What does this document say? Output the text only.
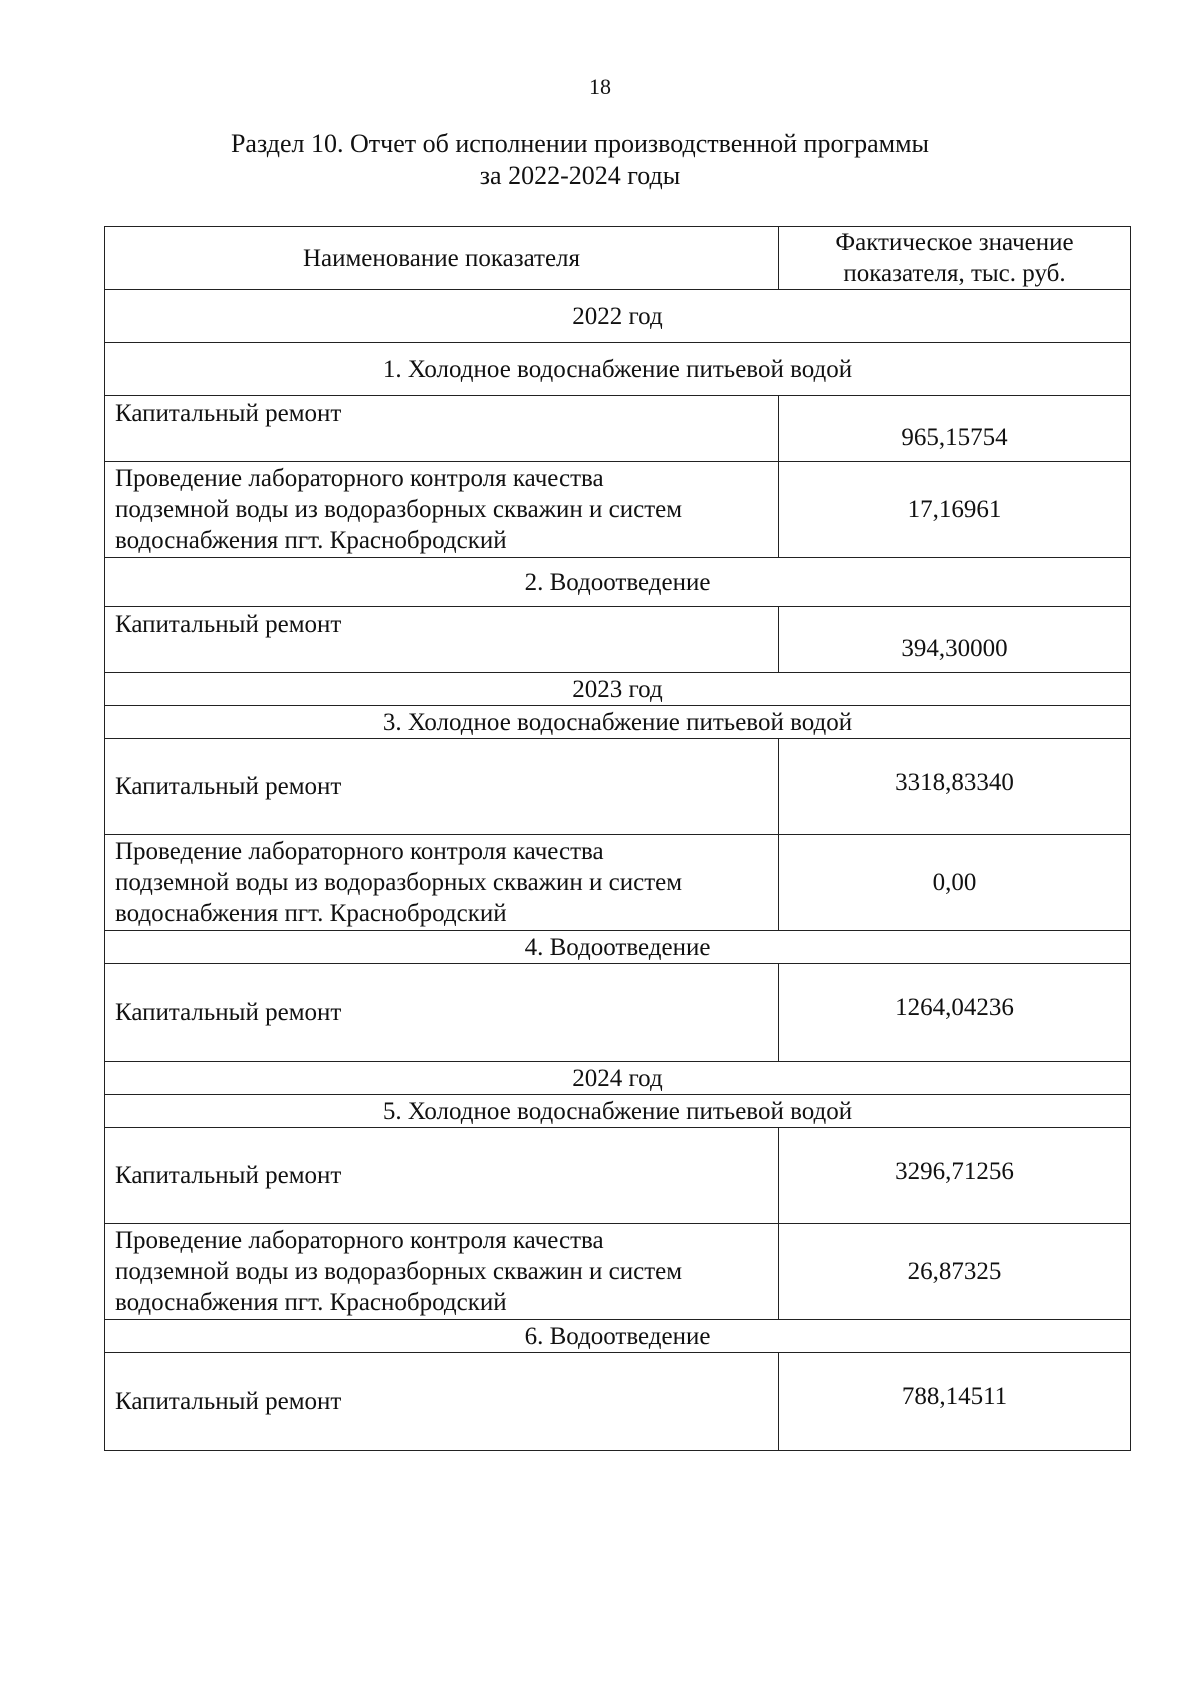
18
Раздел 10. Отчет об исполнении производственной программы
за 2022-2024 годы
Наименование показателя	Фактическое значение
показателя, тыс. руб.

2022 год	
1. Холодное водоснабжение питьевой водой	
Капитальный ремонт	965,15754

Проведение лабораторного контроля качества
подземной воды из водоразборных скважин и систем
водоснабжения пгт. Краснобродский	17,16961
2. Водоотведение	
Капитальный ремонт	394,30000
2023 год	
3. Холодное водоснабжение питьевой водой	
Капитальный ремонт	3318,83340

Проведение лабораторного контроля качества
подземной воды из водоразборных скважин и систем
водоснабжения пгт. Краснобродский	0,00
4. Водоотведение	
Капитальный ремонт	1264,04236
2024 год	
5. Холодное водоснабжение питьевой водой	
Капитальный ремонт	3296,71256

Проведение лабораторного контроля качества
подземной воды из водоразборных скважин и систем
водоснабжения пгт. Краснобродский	26,87325
6. Водоотведение	
Капитальный ремонт	788,14511
